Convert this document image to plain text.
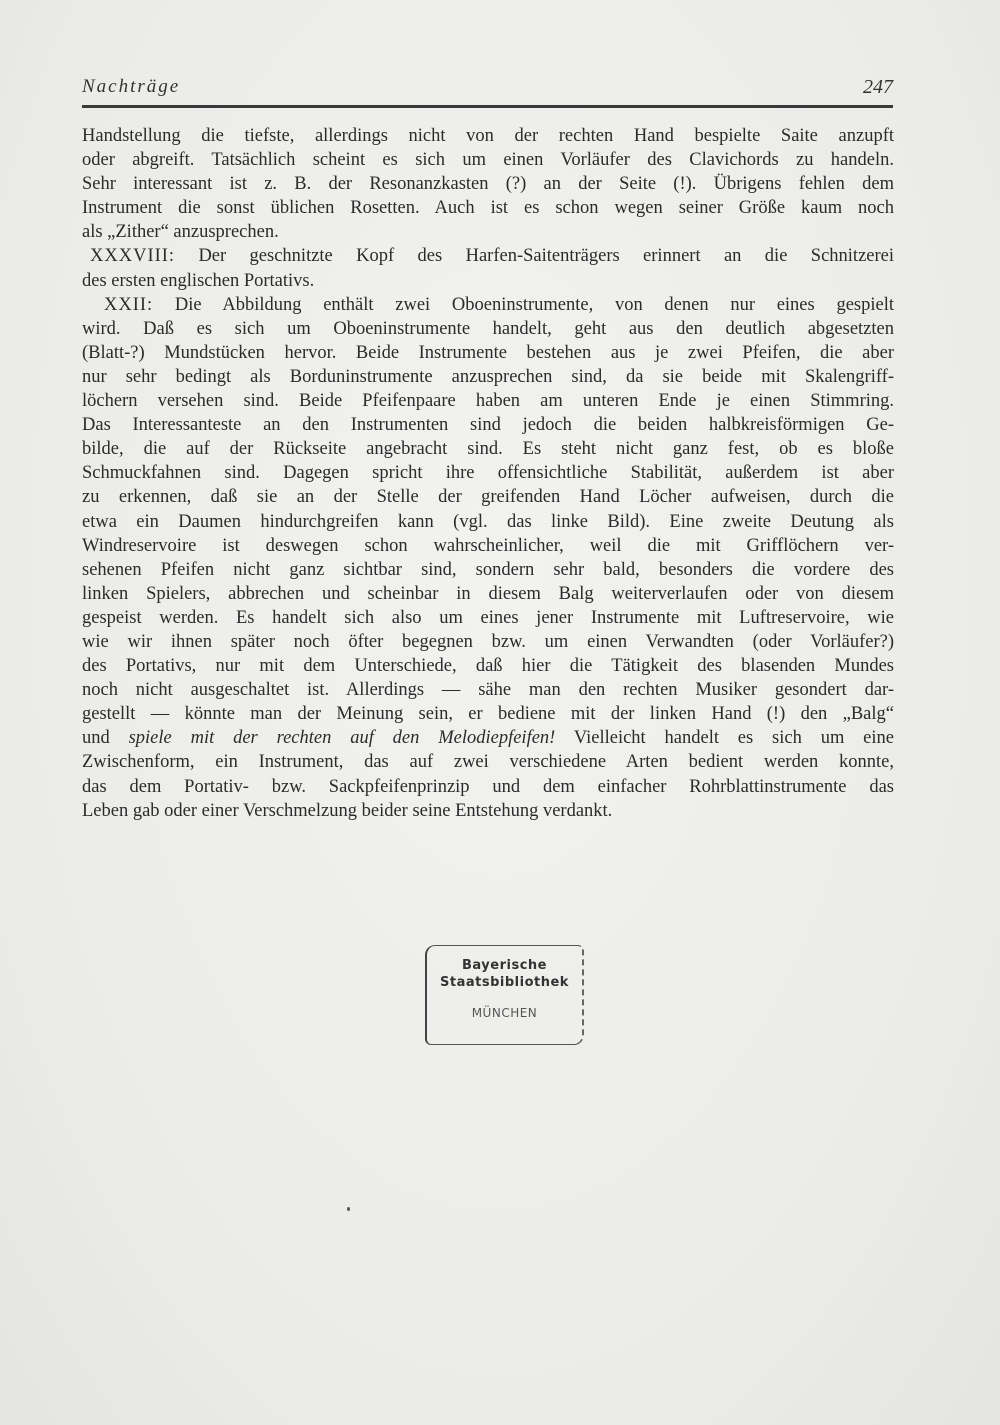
Nachträge	247
Handstellung die tiefste, allerdings nicht von der rechten Hand bespielte Saite anzupft
oder abgreift. Tatsächlich scheint es sich um einen Vorläufer des Clavichords zu handeln.
Sehr interessant ist z. B. der Resonanzkasten (?) an der Seite (!). Übrigens fehlen dem
Instrument die sonst üblichen Rosetten. Auch ist es schon wegen seiner Größe kaum noch
als „Zither“ anzusprechen.
XXXVIII: Der geschnitzte Kopf des Harfen-Saitenträgers erinnert an die Schnitzerei
des ersten englischen Portativs.
XXII: Die Abbildung enthält zwei Oboeninstrumente, von denen nur eines gespielt
wird. Daß es sich um Oboeninstrumente handelt, geht aus den deutlich abgesetzten
(Blatt-?) Mundstücken hervor. Beide Instrumente bestehen aus je zwei Pfeifen, die aber
nur sehr bedingt als Borduninstrumente anzusprechen sind, da sie beide mit Skalengriff-
löchern versehen sind. Beide Pfeifenpaare haben am unteren Ende je einen Stimmring.
Das Interessanteste an den Instrumenten sind jedoch die beiden halbkreisförmigen Ge-
bilde, die auf der Rückseite angebracht sind. Es steht nicht ganz fest, ob es bloße
Schmuckfahnen sind. Dagegen spricht ihre offensichtliche Stabilität, außerdem ist aber
zu erkennen, daß sie an der Stelle der greifenden Hand Löcher aufweisen, durch die
etwa ein Daumen hindurchgreifen kann (vgl. das linke Bild). Eine zweite Deutung als
Windreservoire ist deswegen schon wahrscheinlicher, weil die mit Grifflöchern ver-
sehenen Pfeifen nicht ganz sichtbar sind, sondern sehr bald, besonders die vordere des
linken Spielers, abbrechen und scheinbar in diesem Balg weiterverlaufen oder von diesem
gespeist werden. Es handelt sich also um eines jener Instrumente mit Luftreservoire, wie
wie wir ihnen später noch öfter begegnen bzw. um einen Verwandten (oder Vorläufer?)
des Portativs, nur mit dem Unterschiede, daß hier die Tätigkeit des blasenden Mundes
noch nicht ausgeschaltet ist. Allerdings — sähe man den rechten Musiker gesondert dar-
gestellt — könnte man der Meinung sein, er bediene mit der linken Hand (!) den „Balg“
und spiele mit der rechten auf den Melodiepfeifen! Vielleicht handelt es sich um eine
Zwischenform, ein Instrument, das auf zwei verschiedene Arten bedient werden konnte,
das dem Portativ- bzw. Sackpfeifenprinzip und dem einfacher Rohrblattinstrumente das
Leben gab oder einer Verschmelzung beider seine Entstehung verdankt.
Bayerische
Staatsbibliothek
MÜNCHEN
